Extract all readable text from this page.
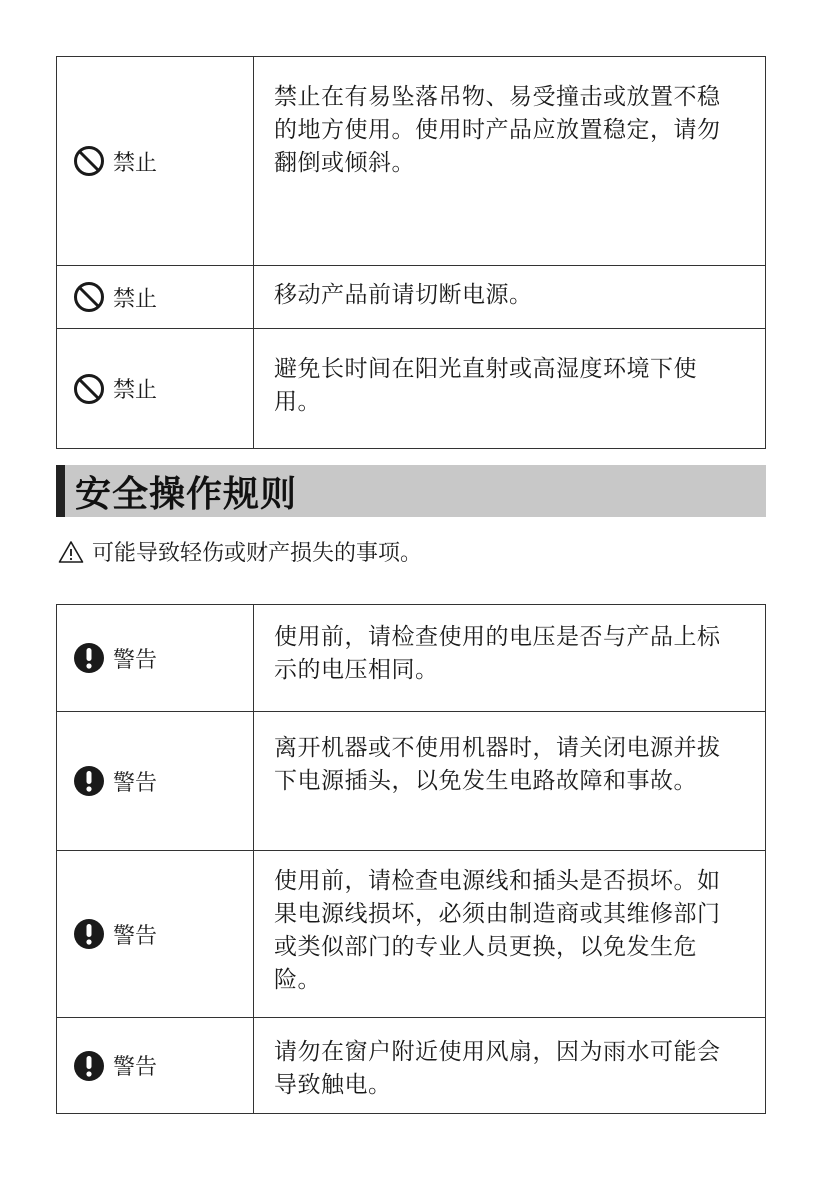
禁止	禁止在有易坠落吊物、易受撞击或放置不稳的地方使用。使用时产品应放置稳定，请勿翻倒或倾斜。

禁止	移动产品前请切断电源。

禁止	避免长时间在阳光直射或高湿度环境下使用。
安全操作规则
可能导致轻伤或财产损失的事项。
警告	使用前，请检查使用的电压是否与产品上标示的电压相同。

警告	离开机器或不使用机器时，请关闭电源并拔下电源插头，以免发生电路故障和事故。

警告	使用前，请检查电源线和插头是否损坏。如果电源线损坏，必须由制造商或其维修部门或类似部门的专业人员更换，以免发生危险。

警告	请勿在窗户附近使用风扇，因为雨水可能会导致触电。
